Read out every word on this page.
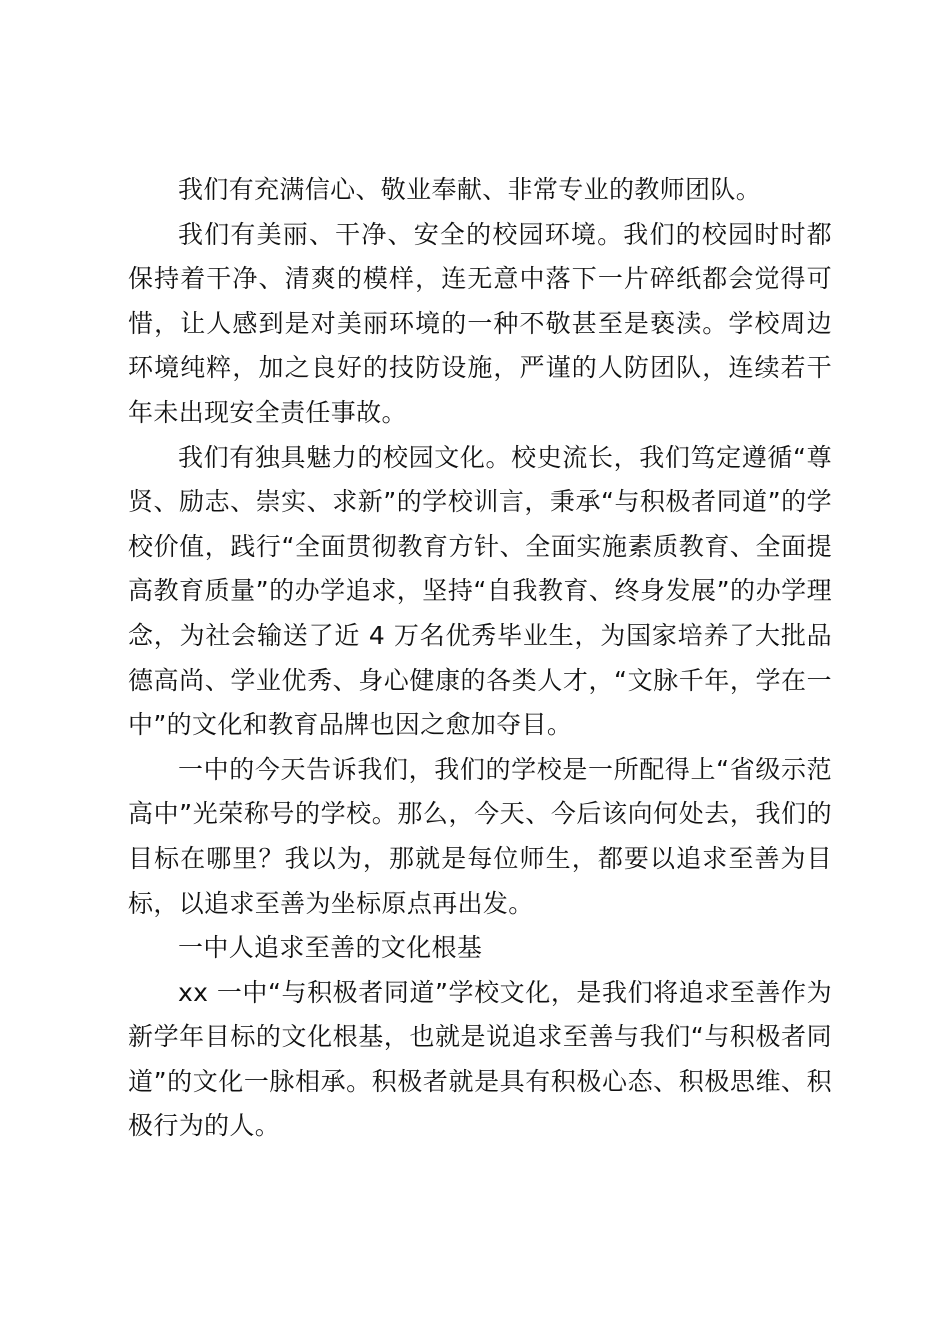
我们有充满信心、敬业奉献、非常专业的教师团队。

我们有美丽、干净、安全的校园环境。我们的校园时时都保持着干净、清爽的模样，连无意中落下一片碎纸都会觉得可惜，让人感到是对美丽环境的一种不敬甚至是亵渎。学校周边环境纯粹，加之良好的技防设施，严谨的人防团队，连续若干年未出现安全责任事故。

我们有独具魅力的校园文化。校史流长，我们笃定遵循“尊贤、励志、崇实、求新”的学校训言，秉承“与积极者同道”的学校价值，践行“全面贯彻教育方针、全面实施素质教育、全面提高教育质量”的办学追求，坚持“自我教育、终身发展”的办学理念，为社会输送了近 4 万名优秀毕业生，为国家培养了大批品德高尚、学业优秀、身心健康的各类人才，“文脉千年，学在一中”的文化和教育品牌也因之愈加夺目。

一中的今天告诉我们，我们的学校是一所配得上“省级示范高中”光荣称号的学校。那么，今天、今后该向何处去，我们的目标在哪里？我以为，那就是每位师生，都要以追求至善为目标，以追求至善为坐标原点再出发。

一中人追求至善的文化根基

xx 一中“与积极者同道”学校文化，是我们将追求至善作为新学年目标的文化根基，也就是说追求至善与我们“与积极者同道”的文化一脉相承。积极者就是具有积极心态、积极思维、积极行为的人。
